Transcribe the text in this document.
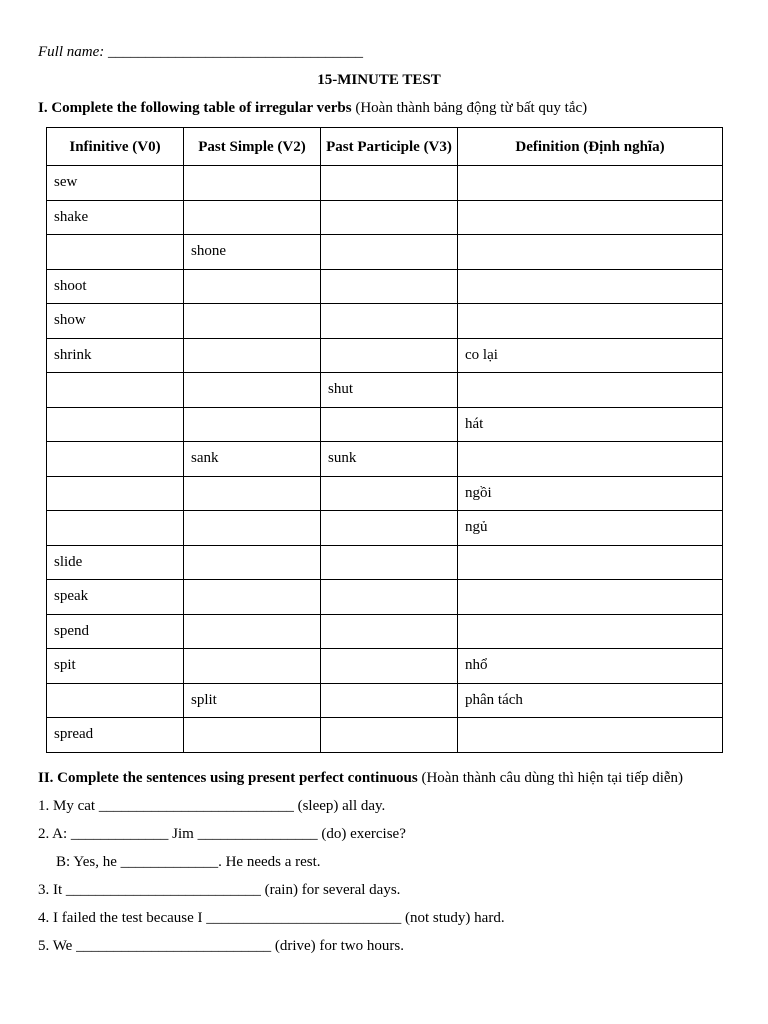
Full name: __________________________________
15-MINUTE TEST
I. Complete the following table of irregular verbs (Hoàn thành bảng động từ bất quy tắc)
Infinitive (V0)	Past Simple (V2)	Past Participle (V3)	Definition (Định nghĩa)
sew			
shake			
	shone		
shoot			
show			
shrink			co lại
		shut	
			hát
	sank	sunk	
			ngồi
			ngủ
slide			
speak			
spend			
spit			nhổ
	split		phân tách
spread			
II. Complete the sentences using present perfect continuous (Hoàn thành câu dùng thì hiện tại tiếp diễn)
1. My cat __________________________ (sleep) all day.
2. A: _____________ Jim ________________ (do) exercise?
B: Yes, he _____________. He needs a rest.
3. It __________________________ (rain) for several days.
4. I failed the test because I __________________________ (not study) hard.
5. We __________________________ (drive) for two hours.
